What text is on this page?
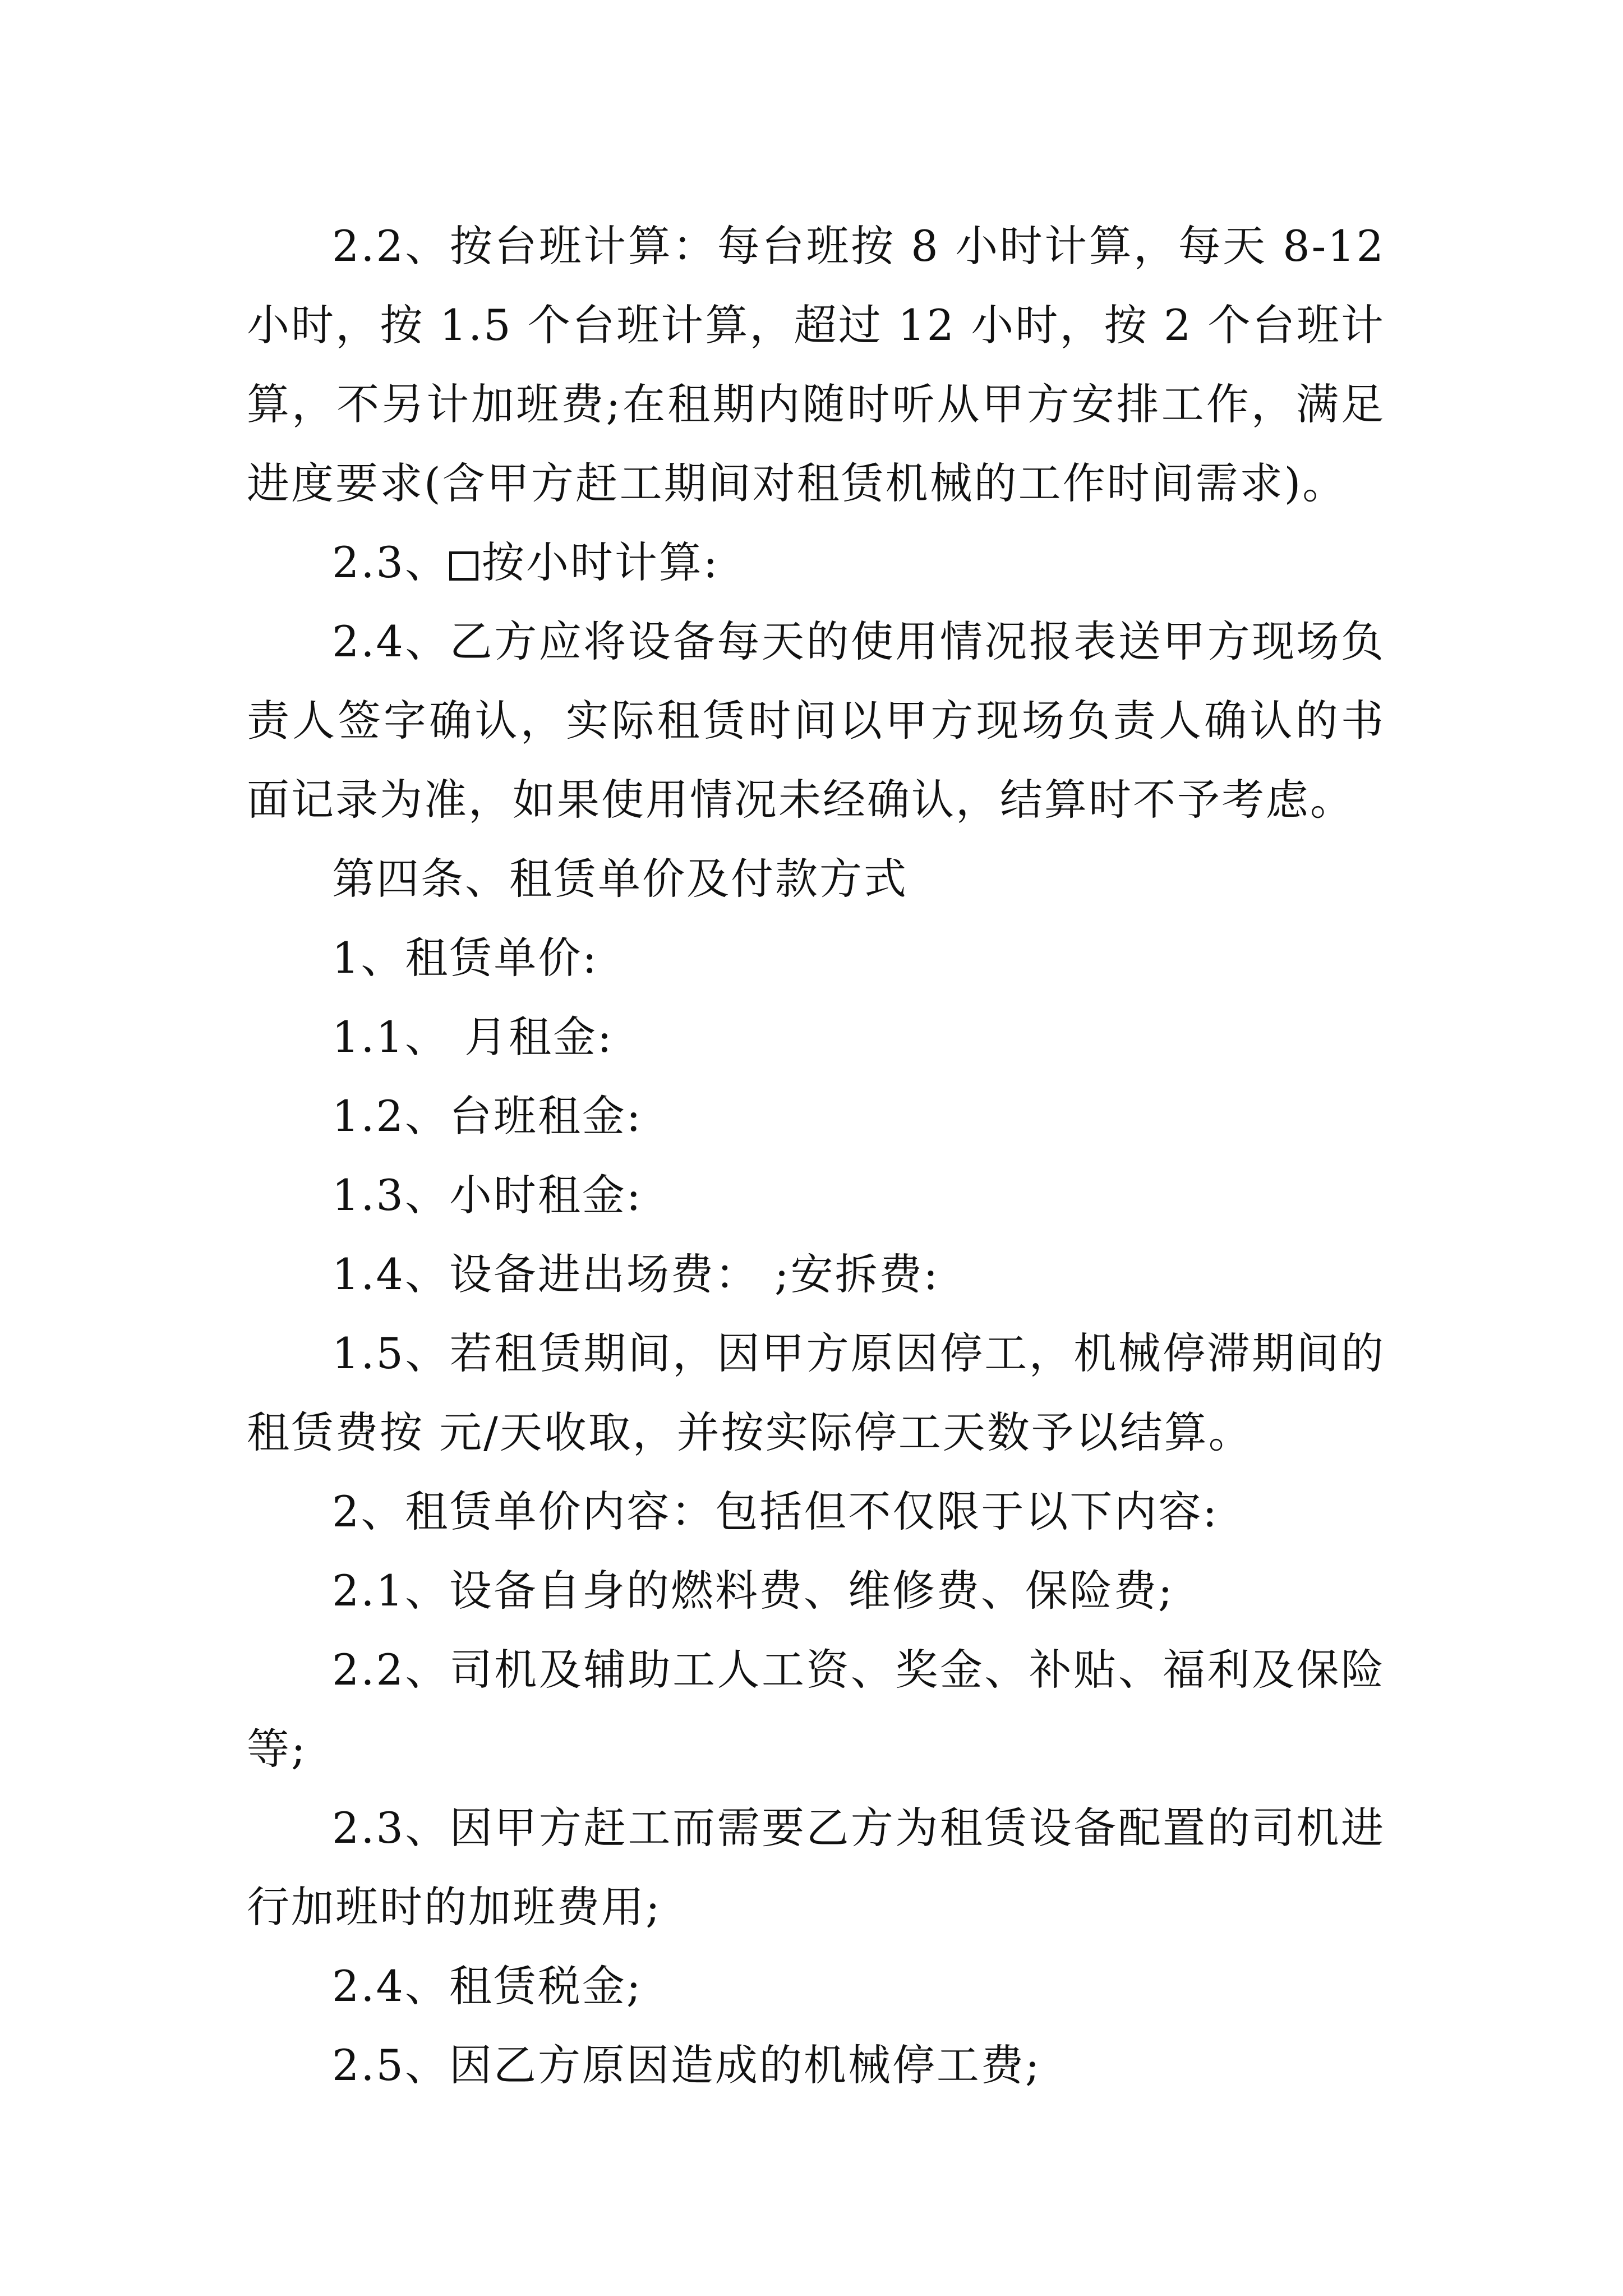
2.2、按台班计算：每台班按 8 小时计算，每天 8-12 小时，按 1.5 个台班计算，超过 12 小时，按 2 个台班计算，不另计加班费;在租期内随时听从甲方安排工作，满足进度要求(含甲方赶工期间对租赁机械的工作时间需求)。

2.3、 按小时计算:

2.4、乙方应将设备每天的使用情况报表送甲方现场负责人签字确认，实际租赁时间以甲方现场负责人确认的书面记录为准，如果使用情况未经确认，结算时不予考虑。

第四条、租赁单价及付款方式

1、租赁单价:

1.1、 月租金:

1.2、台班租金:

1.3、小时租金:

1.4、设备进出场费： ;安拆费:

1.5、若租赁期间，因甲方原因停工，机械停滞期间的租赁费按 元/天收取，并按实际停工天数予以结算。

2、租赁单价内容：包括但不仅限于以下内容:

2.1、设备自身的燃料费、维修费、保险费;

2.2、司机及辅助工人工资、奖金、补贴、福利及保险等;

2.3、因甲方赶工而需要乙方为租赁设备配置的司机进行加班时的加班费用;

2.4、租赁税金;

2.5、因乙方原因造成的机械停工费;
